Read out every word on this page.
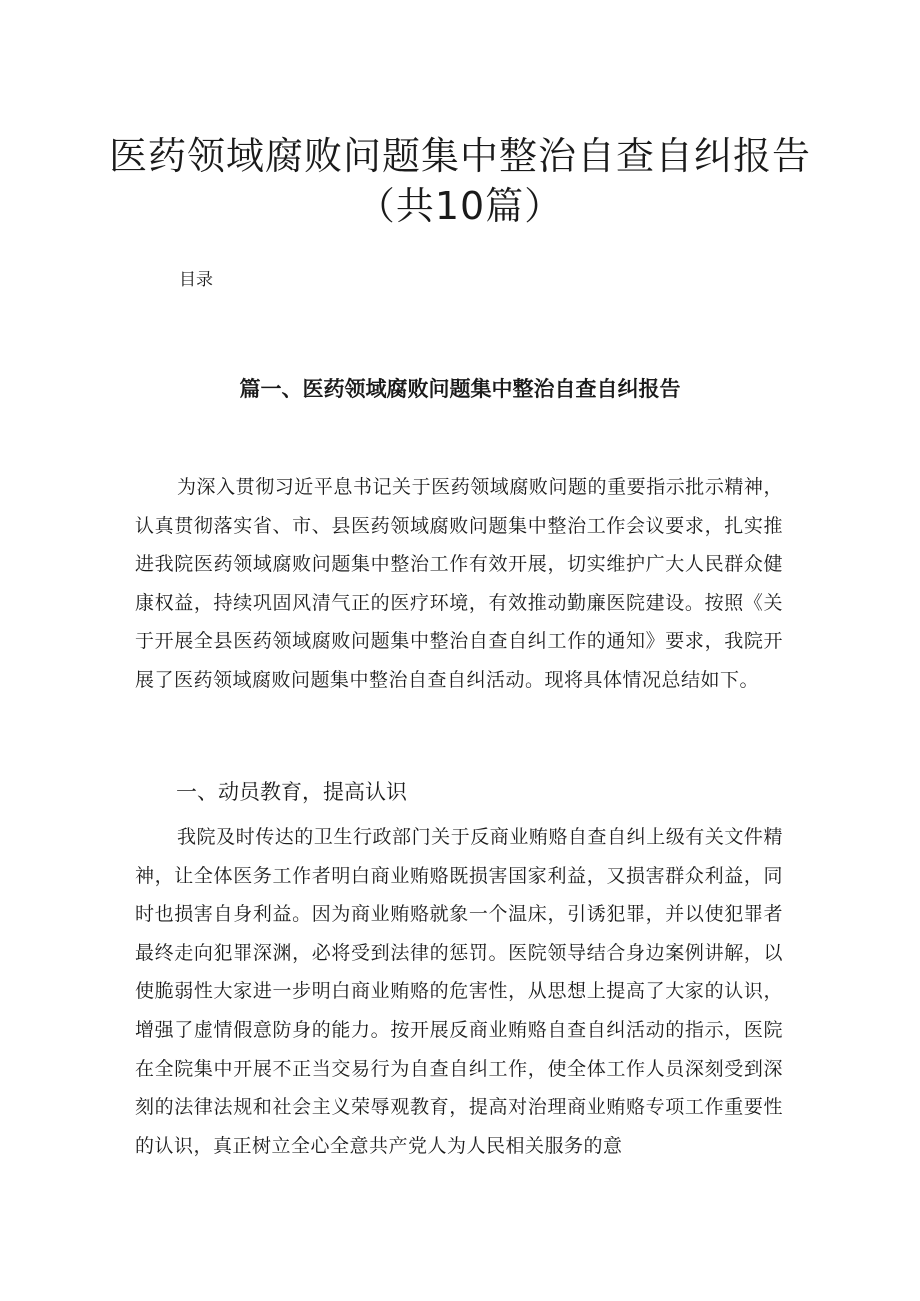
医药领域腐败问题集中整治自查自纠报告
（共10篇）

目录

篇一、医药领域腐败问题集中整治自查自纠报告

为深入贯彻习近平息书记关于医药领域腐败问题的重要指示批示精神，认真贯彻落实省、市、县医药领域腐败问题集中整治工作会议要求，扎实推进我院医药领域腐败问题集中整治工作有效开展，切实维护广大人民群众健康权益，持续巩固风清气正的医疗环境，有效推动勤廉医院建设。按照《关于开展全县医药领域腐败问题集中整治自查自纠工作的通知》要求，我院开展了医药领域腐败问题集中整治自查自纠活动。现将具体情况总结如下。

一、动员教育，提高认识

我院及时传达的卫生行政部门关于反商业贿赂自查自纠上级有关文件精神，让全体医务工作者明白商业贿赂既损害国家利益，又损害群众利益，同时也损害自身利益。因为商业贿赂就象一个温床，引诱犯罪，并以使犯罪者最终走向犯罪深渊，必将受到法律的惩罚。医院领导结合身边案例讲解，以使脆弱性大家进一步明白商业贿赂的危害性，从思想上提高了大家的认识，增强了虚情假意防身的能力。按开展反商业贿赂自查自纠活动的指示，医院在全院集中开展不正当交易行为自查自纠工作，使全体工作人员深刻受到深刻的法律法规和社会主义荣辱观教育，提高对治理商业贿赂专项工作重要性的认识，真正树立全心全意共产党人为人民相关服务的意
